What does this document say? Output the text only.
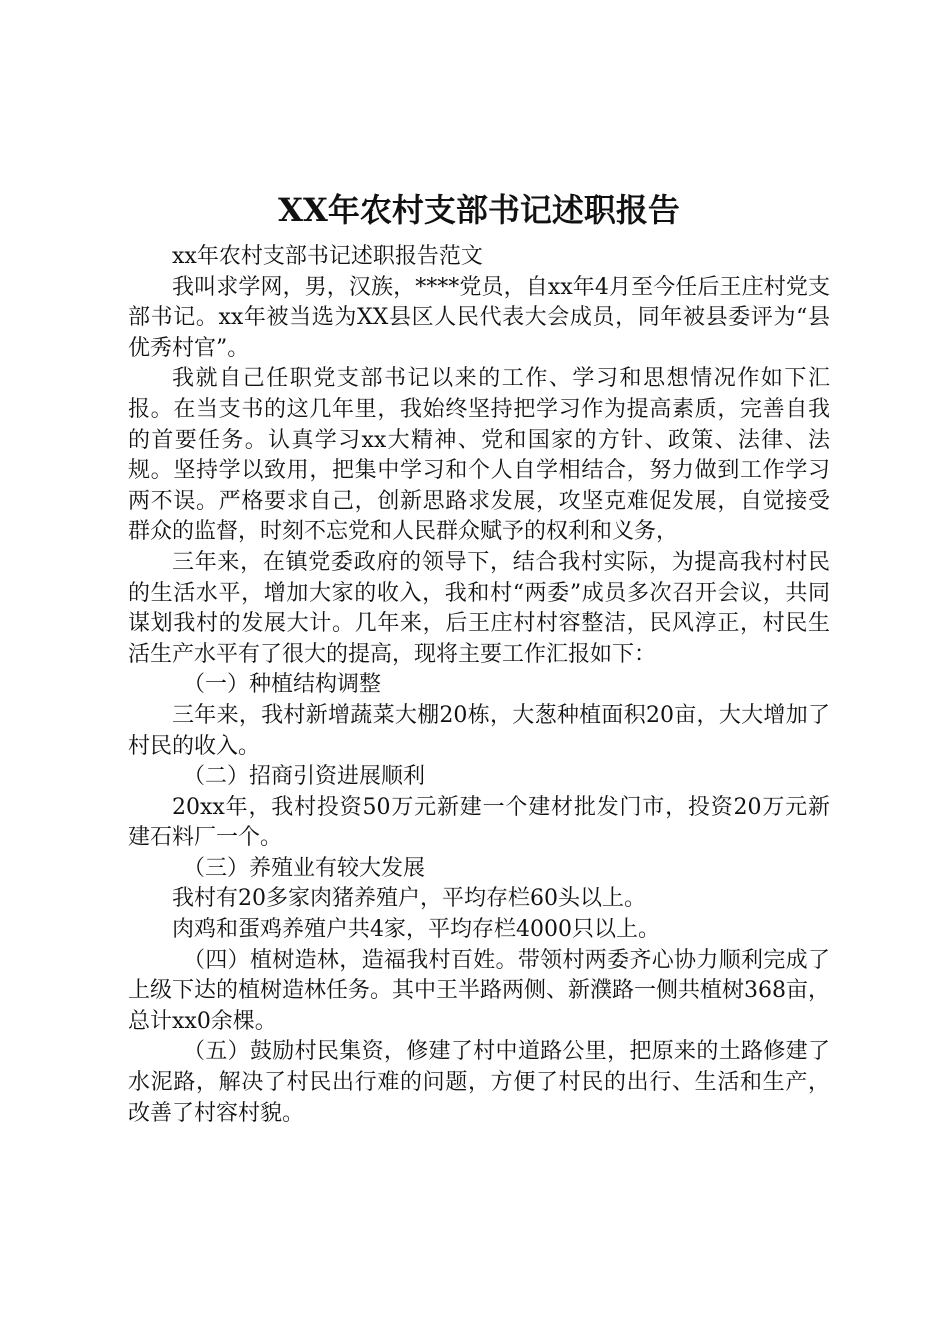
XX年农村支部书记述职报告

xx年农村支部书记述职报告范文

我叫求学网，男，汉族，****党员，自xx年4月至今任后王庄村党支部书记。xx年被当选为XX县区人民代表大会成员，同年被县委评为“县优秀村官”。

我就自己任职党支部书记以来的工作、学习和思想情况作如下汇报。在当支书的这几年里，我始终坚持把学习作为提高素质，完善自我的首要任务。认真学习xx大精神、党和国家的方针、政策、法律、法规。坚持学以致用，把集中学习和个人自学相结合，努力做到工作学习两不误。严格要求自己，创新思路求发展，攻坚克难促发展，自觉接受群众的监督，时刻不忘党和人民群众赋予的权利和义务，

三年来，在镇党委政府的领导下，结合我村实际，为提高我村村民的生活水平，增加大家的收入，我和村“两委”成员多次召开会议，共同谋划我村的发展大计。几年来，后王庄村村容整洁，民风淳正，村民生活生产水平有了很大的提高，现将主要工作汇报如下：

（一）种植结构调整

三年来，我村新增蔬菜大棚20栋，大葱种植面积20亩，大大增加了村民的收入。

（二）招商引资进展顺利

20xx年，我村投资50万元新建一个建材批发门市，投资20万元新建石料厂一个。

（三）养殖业有较大发展

我村有20多家肉猪养殖户，平均存栏60头以上。

肉鸡和蛋鸡养殖户共4家，平均存栏4000只以上。

（四）植树造林，造福我村百姓。带领村两委齐心协力顺利完成了上级下达的植树造林任务。其中王半路两侧、新濮路一侧共植树368亩，总计xx0余棵。

（五）鼓励村民集资，修建了村中道路公里，把原来的土路修建了水泥路，解决了村民出行难的问题，方便了村民的出行、生活和生产，改善了村容村貌。
